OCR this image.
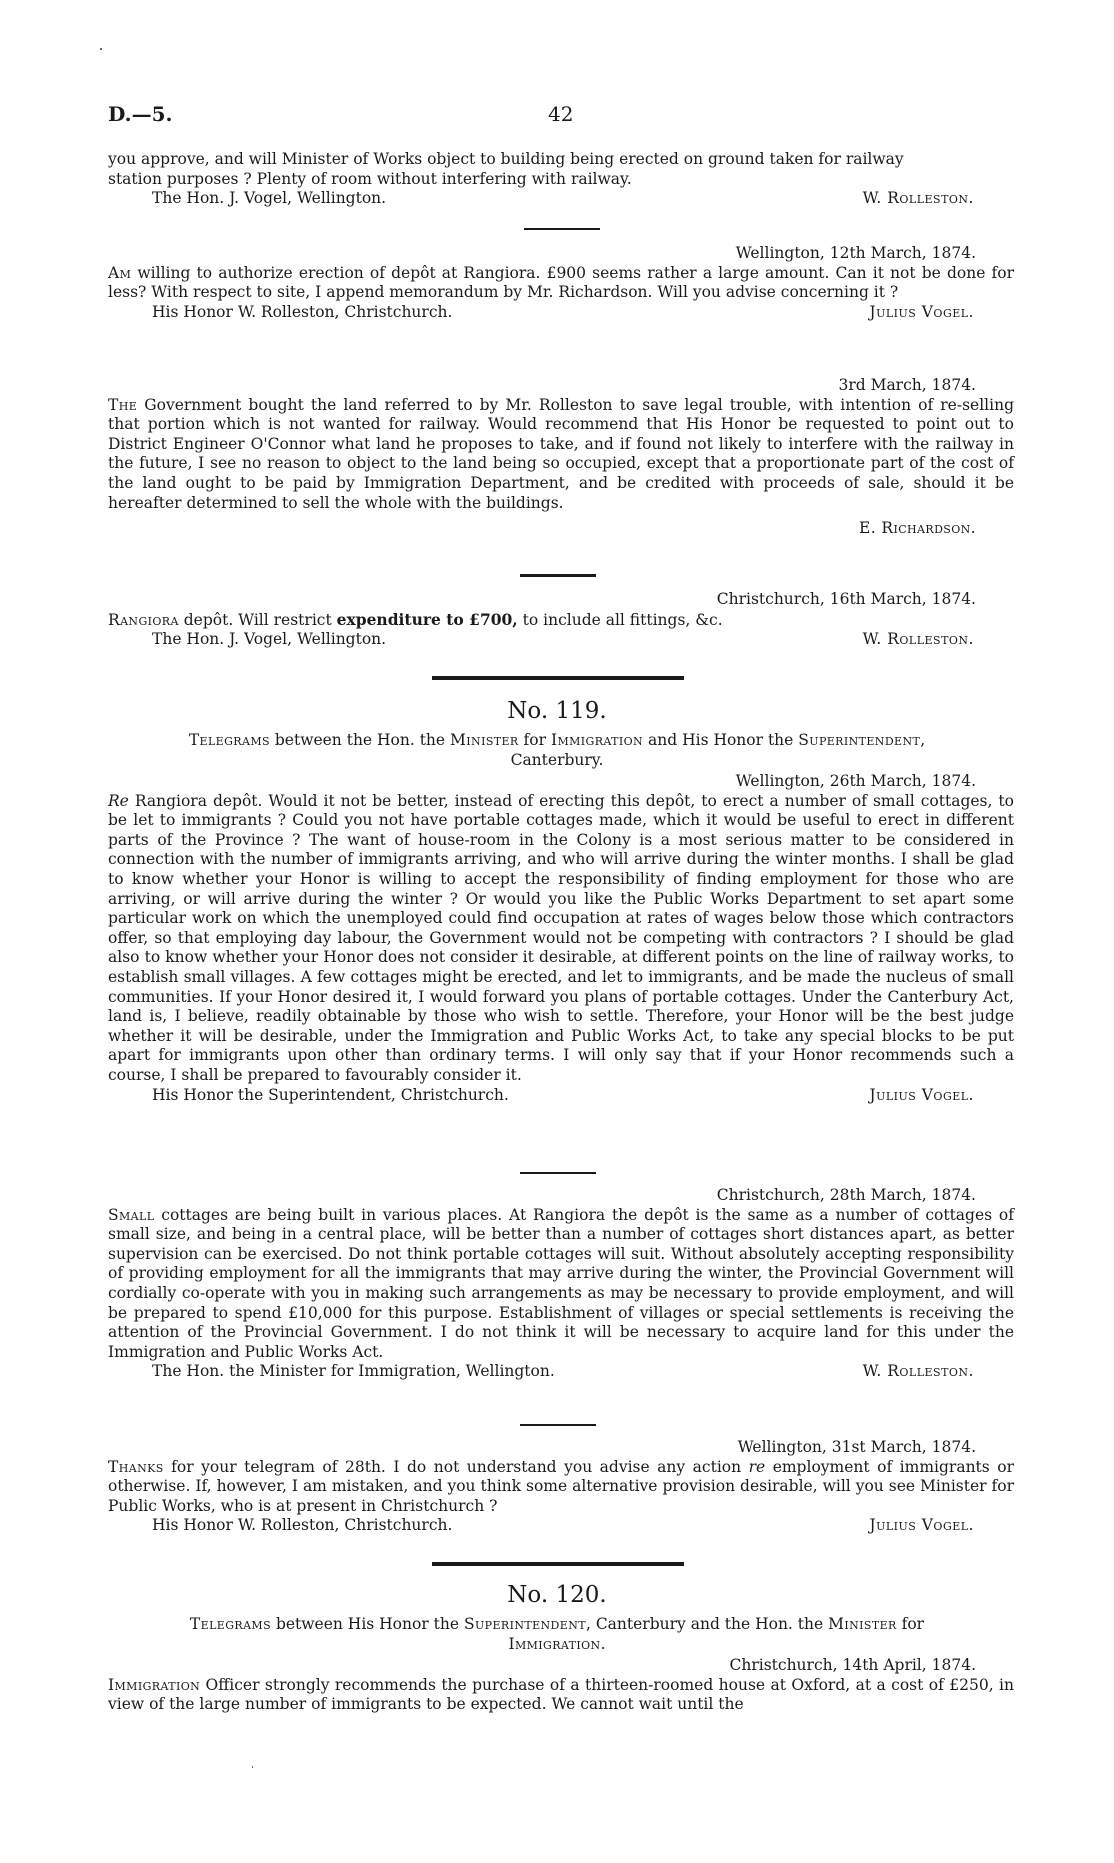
D.—5.	42

you approve, and will Minister of Works object to building being erected on ground taken for railway

station purposes ? Plenty of room without interfering with railway.

The Hon. J. Vogel, Wellington.	W. Rolleston.

Wellington, 12th March, 1874.

Am willing to authorize erection of depôt at Rangiora. £900 seems rather a large amount. Can it not be done for less? With respect to site, I append memorandum by Mr. Richardson. Will you advise concerning it ?

His Honor W. Rolleston, Christchurch.	Julius Vogel.

3rd March, 1874.

The Government bought the land referred to by Mr. Rolleston to save legal trouble, with intention of re-selling that portion which is not wanted for railway. Would recommend that His Honor be requested to point out to District Engineer O'Connor what land he proposes to take, and if found not likely to interfere with the railway in the future, I see no reason to object to the land being so occupied, except that a proportionate part of the cost of the land ought to be paid by Immigration Department, and be credited with proceeds of sale, should it be hereafter determined to sell the whole with the buildings.

E. Richardson.

Christchurch, 16th March, 1874.

Rangiora depôt. Will restrict expenditure to £700, to include all fittings, &c.

The Hon. J. Vogel, Wellington.	W. Rolleston.
No. 119.
Telegrams between the Hon. the Minister for Immigration and His Honor the Superintendent, Canterbury.

Wellington, 26th March, 1874.

Re Rangiora depôt. Would it not be better, instead of erecting this depôt, to erect a number of small cottages, to be let to immigrants ? Could you not have portable cottages made, which it would be useful to erect in different parts of the Province ? The want of house-room in the Colony is a most serious matter to be considered in connection with the number of immigrants arriving, and who will arrive during the winter months. I shall be glad to know whether your Honor is willing to accept the responsibility of finding employment for those who are arriving, or will arrive during the winter ? Or would you like the Public Works Department to set apart some particular work on which the unemployed could find occupation at rates of wages below those which contractors offer, so that employing day labour, the Government would not be competing with contractors ? I should be glad also to know whether your Honor does not consider it desirable, at different points on the line of railway works, to establish small villages. A few cottages might be erected, and let to immigrants, and be made the nucleus of small communities. If your Honor desired it, I would forward you plans of portable cottages. Under the Canterbury Act, land is, I believe, readily obtainable by those who wish to settle. Therefore, your Honor will be the best judge whether it will be desirable, under the Immigration and Public Works Act, to take any special blocks to be put apart for immigrants upon other than ordinary terms. I will only say that if your Honor recommends such a course, I shall be prepared to favourably consider it.

His Honor the Superintendent, Christchurch.	Julius Vogel.

Christchurch, 28th March, 1874.

Small cottages are being built in various places. At Rangiora the depôt is the same as a number of cottages of small size, and being in a central place, will be better than a number of cottages short distances apart, as better supervision can be exercised. Do not think portable cottages will suit. Without absolutely accepting responsibility of providing employment for all the immigrants that may arrive during the winter, the Provincial Government will cordially co-operate with you in making such arrangements as may be necessary to provide employment, and will be prepared to spend £10,000 for this purpose. Establishment of villages or special settlements is receiving the attention of the Provincial Government. I do not think it will be necessary to acquire land for this under the Immigration and Public Works Act.

The Hon. the Minister for Immigration, Wellington.	W. Rolleston.

Wellington, 31st March, 1874.

Thanks for your telegram of 28th. I do not understand you advise any action re employment of immigrants or otherwise. If, however, I am mistaken, and you think some alternative provision desirable, will you see Minister for Public Works, who is at present in Christchurch ?

His Honor W. Rolleston, Christchurch.	Julius Vogel.
No. 120.
Telegrams between His Honor the Superintendent, Canterbury and the Hon. the Minister for Immigration.

Christchurch, 14th April, 1874.

Immigration Officer strongly recommends the purchase of a thirteen-roomed house at Oxford, at a cost of £250, in view of the large number of immigrants to be expected. We cannot wait until the
